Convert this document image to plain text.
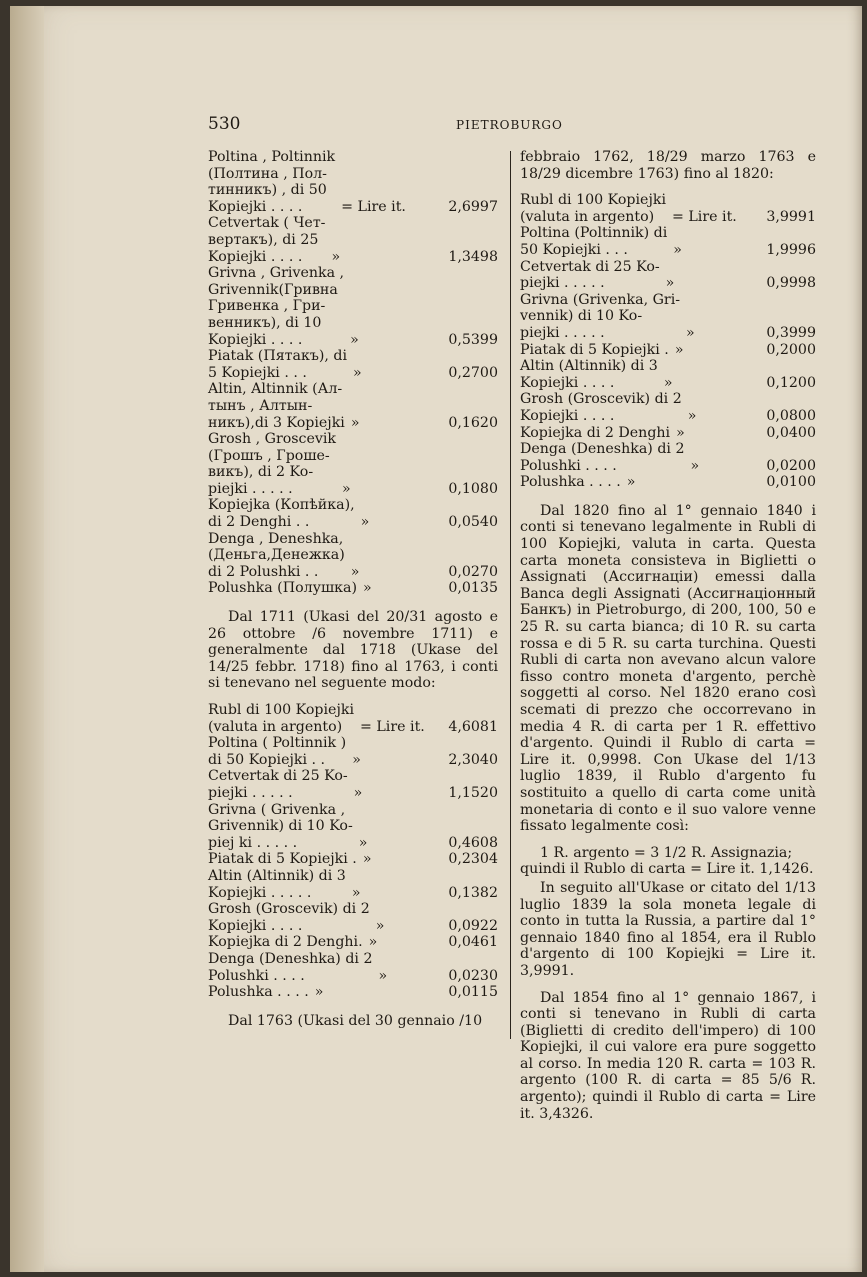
530	PIETROBURGO
Poltina , Poltinnik
(Полтина , Пол-
тинникъ) , di 50
Kopiejki . . . .	= Lire it.	2,6997
Cetvertak ( Чет-
вертакъ), di 25
Kopiejki . . . .	»	1,3498
Grivna , Grivenka ,
Grivennik(Гривна
Гривенка , Гри-
венникъ), di 10
Kopiejki . . . .	»	0,5399
Piatak (Пятакъ), di
5 Kopiejki . . .	»	0,2700
Altin, Altinnik (Ал-
тынъ , Алтын-
никъ),di 3 Kopiejki »	0,1620
Grosh , Groscevik
(Грошъ , Гроше-
викъ), di 2 Ko-
piejki . . . . .	»	0,1080
Kopiejka (Копѣйка),
di 2 Denghi . .	»	0,0540
Denga , Deneshka,
(Деньга,Денежка)
di 2 Polushki . .	»	0,0270
Polushka (Полушка) »	0,0135
Dal 1711 (Ukasi del 20/31 agosto e 26 ottobre /6 novembre 1711) e generalmente dal 1718 (Ukase del 14/25 febbr. 1718) fino al 1763, i conti si tenevano nel seguente modo:
Rubl di 100 Kopiejki
(valuta in argento)	= Lire it.	4,6081
Poltina ( Poltinnik )
di 50 Kopiejki . .	»	2,3040
Cetvertak di 25 Ko-
piejki . . . . .	»	1,1520
Grivna ( Grivenka ,
Grivennik) di 10 Ko-
piej ki . . . . .	»	0,4608
Piatak di 5 Kopiejki . »	0,2304
Altin (Altinnik) di 3
Kopiejki . . . . .	»	0,1382
Grosh (Groscevik) di 2
Kopiejki . . . .	»	0,0922
Kopiejka di 2 Denghi. »	0,0461
Denga (Deneshka) di 2
Polushki . . . .	»	0,0230
Polushka . . . . »	0,0115
Dal 1763 (Ukasi del 30 gennaio /10
febbraio 1762, 18/29 marzo 1763 e 18/29 dicembre 1763) fino al 1820:
Rubl di 100 Kopiejki
(valuta in argento)	= Lire it.	3,9991
Poltina (Poltinnik) di
50 Kopiejki . . .	»	1,9996
Cetvertak di 25 Ko-
piejki . . . . .	»	0,9998
Grivna (Grivenka, Gri-
vennik) di 10 Ko-
piejki . . . . .	»	0,3999
Piatak di 5 Kopiejki . »	0,2000
Altin (Altinnik) di 3
Kopiejki . . . .	»	0,1200
Grosh (Groscevik) di 2
Kopiejki . . . .	»	0,0800
Kopiejka di 2 Denghi »	0,0400
Denga (Deneshka) di 2
Polushki . . . .	»	0,0200
Polushka . . . . »	0,0100
Dal 1820 fino al 1° gennaio 1840 i conti si tenevano legalmente in Rubli di 100 Kopiejki, valuta in carta. Questa carta moneta consisteva in Biglietti o Assignati (Ассигнацiи) emessi dalla Banca degli Assignati (Ассигнацiонный Банкъ) in Pietroburgo, di 200, 100, 50 e 25 R. su carta bianca; di 10 R. su carta rossa e di 5 R. su carta turchina. Questi Rubli di carta non avevano alcun valore fisso contro moneta d'argento, perchè soggetti al corso. Nel 1820 erano così scemati di prezzo che occorrevano in media 4 R. di carta per 1 R. effettivo d'argento. Quindi il Rublo di carta = Lire it. 0,9998. Con Ukase del 1/13 luglio 1839, il Rublo d'argento fu sostituito a quello di carta come unità monetaria di conto e il suo valore venne fissato legalmente così:
1 R. argento = 3 1/2 R. Assignazia;
quindi il Rublo di carta = Lire it. 1,1426.
In seguito all'Ukase or citato del 1/13 luglio 1839 la sola moneta legale di conto in tutta la Russia, a partire dal 1° gennaio 1840 fino al 1854, era il Rublo d'argento di 100 Kopiejki = Lire it. 3,9991.
Dal 1854 fino al 1° gennaio 1867, i conti si tenevano in Rubli di carta (Biglietti di credito dell'impero) di 100 Kopiejki, il cui valore era pure soggetto al corso. In media 120 R. carta = 103 R. argento (100 R. di carta = 85 5/6 R. argento); quindi il Rublo di carta = Lire it. 3,4326.
